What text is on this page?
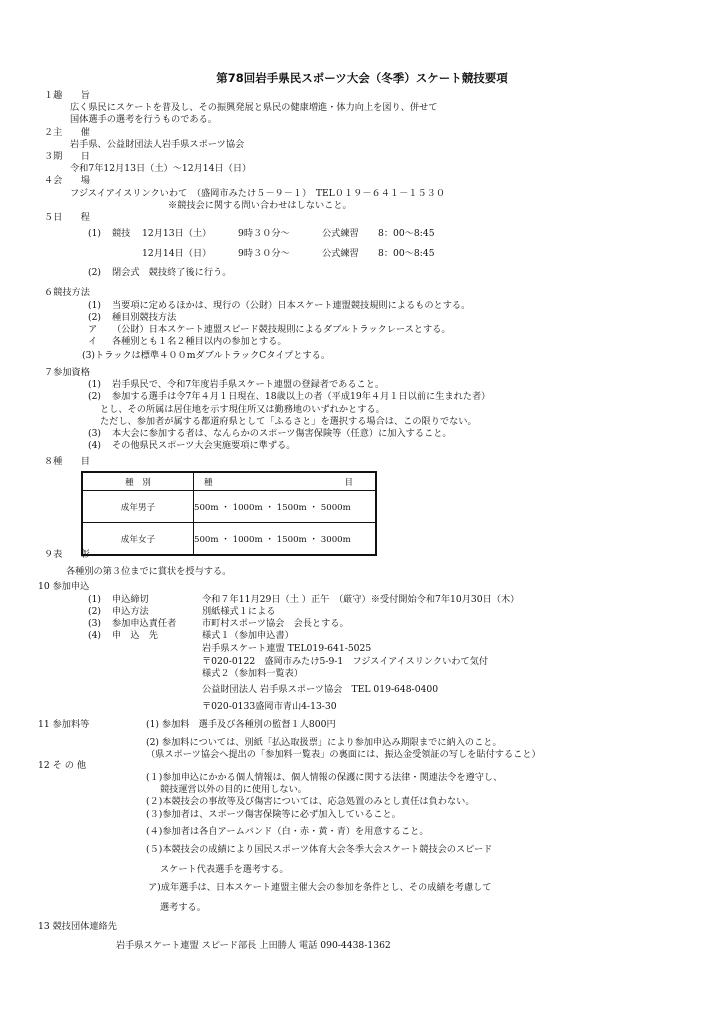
第78回岩手県民スポーツ大会（冬季）スケート競技要項
１趣　　旨
広く県民にスケートを普及し、その振興発展と県民の健康増進・体力向上を図り、併せて
国体選手の選考を行うものである。
２主　　催
岩手県、公益財団法人岩手県スポーツ協会
３期　　日
令和7年12月13日（土）～12月14日（日）
４会　　場
フジスイアイスリンクいわて　（盛岡市みたけ５－９－１）　TEL０１９－６４１－１５３０
※競技会に関する問い合わせはしないこと。
５日　　程
(1) 競技 12月13日（土）	9時３０分～	公式練習 8：00～8:45
12月14日（日）	9時３０分～	公式練習 8：00～8:45
(2) 閉会式　競技終了後に行う。
６競技方法
(1) 当要項に定めるほかは、現行の（公財）日本スケート連盟競技規則によるものとする。
(2) 種目別競技方法
ア （公財）日本スケート連盟スピード競技規則によるダブルトラックレースとする。
イ 各種別とも１名２種目以内の参加とする。
(3)トラックは標準４００mダブルトラックCタイプとする。
７参加資格
(1) 岩手県民で、令和7年度岩手県スケート連盟の登録者であること。
(2) 参加する選手は令7年４月１日現在、18歳以上の者（平成19年４月１日以前に生まれた者）
とし、その所属は居住地を示す現住所又は勤務地のいずれかとする。
ただし、参加者が属する都道府県として「ふるさと」を選択する場合は、この限りでない。
(3) 本大会に参加する者は、なんらかのスポーツ傷害保険等（任意）に加入すること。
(4) その他県民スポーツ大会実施要項に準ずる。
８種　　目
種　別	種 目

成年男子	500m ・ 1000m ・ 1500m ・ 5000m
成年女子	500m ・ 1000m ・ 1500m ・ 3000m
９表　　彰
各種別の第３位までに賞状を授与する。
10 参加申込
(1) 申込締切	令和７年11月29日（土 ）正午　（厳守）※受付開始令和7年10月30日（木）
(2) 申込方法	別紙様式１による
(3) 参加申込責任者	市町村スポーツ協会　会長とする。
(4) 申　込　先	様式１（参加申込書）
岩手県スケート連盟 TEL019-641-5025
〒020-0122　盛岡市みたけ5-9-1　フジスイアイスリンクいわて気付
様式２（参加料一覧表）
公益財団法人 岩手県スポーツ協会　TEL 019-648-0400
〒020-0133盛岡市青山4-13-30
11 参加料等	(1) 参加料　選手及び各種別の監督１人800円
(2) 参加料については、別紙「払込取扱票」により参加申込み期限までに納入のこと。
（県スポーツ協会へ提出の「参加料一覧表」の裏面には、振込金受領証の写しを貼付すること）
12 そ の 他
(１)参加申込にかかる個人情報は、個人情報の保護に関する法律・関連法令を遵守し、
競技運営以外の目的に使用しない。
(２)本競技会の事故等及び傷害については、応急処置のみとし責任は負わない。
(３)参加者は、スポーツ傷害保険等に必ず加入していること。
(４)参加者は各自アームバンド（白・赤・黄・青）を用意すること。
(５)本競技会の成績により国民スポーツ体育大会冬季大会スケート競技会のスピード
スケート代表選手を選考する。
ア)成年選手は、日本スケート連盟主催大会の参加を条件とし、その成績を考慮して
選考する。
13 競技団体連絡先
岩手県スケート連盟 スピード部長 上田勝人 電話 090-4438-1362
